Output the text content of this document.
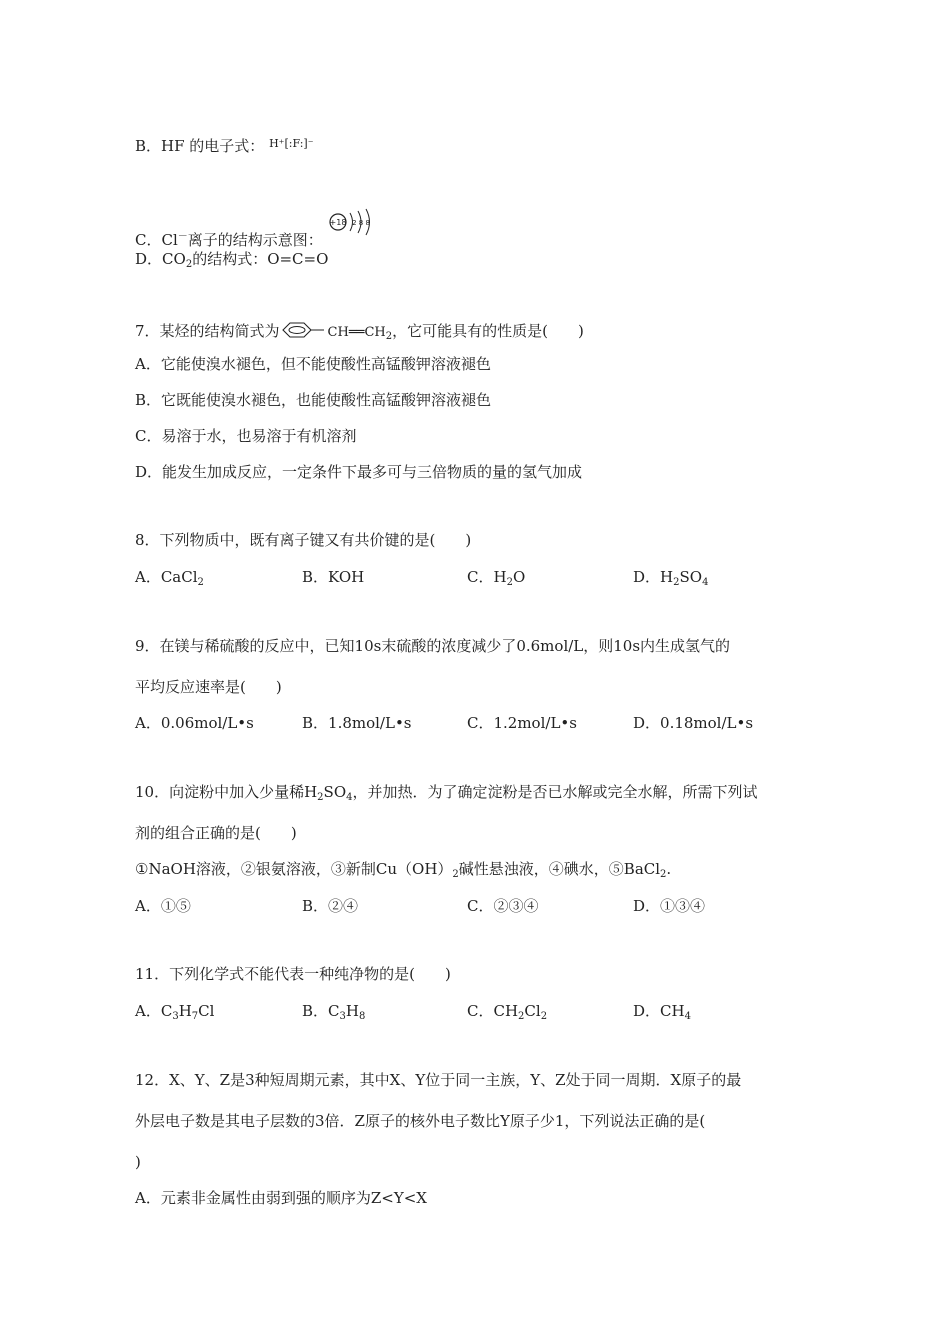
B．HF 的电子式： H⁺[:F:]⁻
C．Cl－离子的结构示意图：
+18 2 8 8
D．$CO_2$的结构式：O=C=O
7．某烃的结构简式为	$CH══CH_2$，它可能具有的性质是(　　)
A．它能使溴水褪色，但不能使酸性高锰酸钾溶液褪色
B．它既能使溴水褪色，也能使酸性高锰酸钾溶液褪色
C．易溶于水，也易溶于有机溶剂
D．能发生加成反应，一定条件下最多可与三倍物质的量的氢气加成
8．下列物质中，既有离子键又有共价键的是(　　)
A．CaCl$_2$	B．KOH	C．$H_2O$	D．$H_2SO_4$
9．在镁与稀硫酸的反应中，已知10s末硫酸的浓度减少了0.6mol/L，则10s内生成氢气的
平均反应速率是(　　)
A．0.06mol/L•s	B．1.8mol/L•s	C．1.2mol/L•s	D．0.18mol/L•s
10．向淀粉中加入少量稀$H_2SO_4$，并加热．为了确定淀粉是否已水解或完全水解，所需下列试
剂的组合正确的是(　　)
①NaOH溶液，②银氨溶液，③新制$Cu(OH)_2$碱性悬浊液，④碘水，⑤BaCl$_2$.
A．①⑤	B．②④	C．②③④	D．①③④
11．下列化学式不能代表一种纯净物的是(　　)
A．$C_3H_7Cl$	B．$C_3H_8$	C．$CH_2Cl_2$	D．$CH_4$
12．X、Y、Z是3种短周期元素，其中X、Y位于同一主族，Y、Z处于同一周期．X原子的最
外层电子数是其电子层数的3倍．Z原子的核外电子数比Y原子少1，下列说法正确的是(
)
A．元素非金属性由弱到强的顺序为Z<Y<X
